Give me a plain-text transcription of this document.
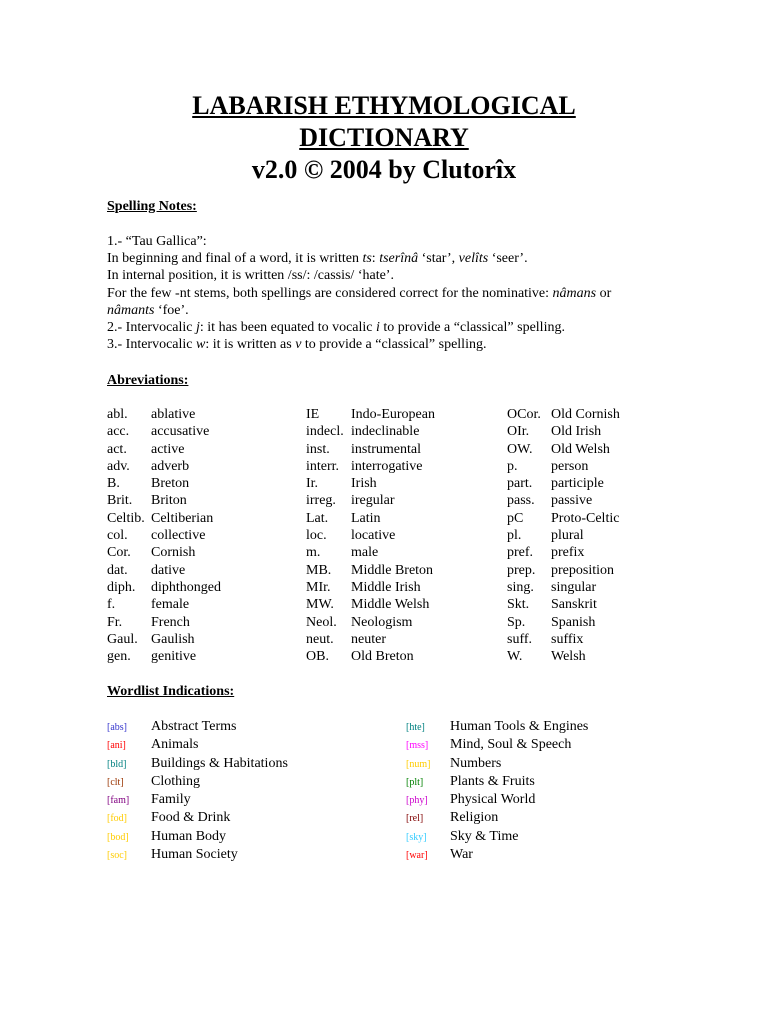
LABARISH ETHYMOLOGICAL
DICTIONARY
v2.0 © 2004 by Clutorîx
Spelling Notes:

1.- “Tau Gallica”:

In beginning and final of a word, it is written ts: tserînâ ‘star’, velîts ‘seer’.

In internal position, it is written /ss/: /cassis/ ‘hate’.

For the few -nt stems, both spellings are considered correct for the nominative: nâmans or

nâmants ‘foe’.

2.- Intervocalic j: it has been equated to vocalic i to provide a “classical” spelling.

3.- Intervocalic w: it is written as v to provide a “classical” spelling.

Abreviations:
abl.	ablative
acc.	accusative
act.	active
adv.	adverb
B.	Breton
Brit.	Briton
Celtib. Celtiberian
col.	collective
Cor.	Cornish
dat.	dative
diph.	diphthonged
f.	female
Fr.	French
Gaul. Gaulish
gen.	genitive
IE	Indo-European
indecl. indeclinable
inst.	instrumental
interr. interrogative
Ir.	Irish
irreg.	iregular
Lat.	Latin
loc.	locative
m.	male
MB.	Middle Breton
MIr.	Middle Irish
MW.	Middle Welsh
Neol.	Neologism
neut.	neuter
OB.	Old Breton
OCor. Old Cornish
OIr.	Old Irish
OW.	Old Welsh
p.	person
part.	participle
pass.	passive
pC	Proto-Celtic
pl.	plural
pref.	prefix
prep.	preposition
sing.	singular
Skt.	Sanskrit
Sp.	Spanish
suff.	suffix
W.	Welsh
Wordlist Indications:
[abs]	Abstract Terms
[ani]	Animals
[bld]	Buildings & Habitations
[clt]	Clothing
[fam]	Family
[fod]	Food & Drink
[bod]	Human Body
[soc]	Human Society
[hte]	Human Tools & Engines
[mss]	Mind, Soul & Speech
[num]	Numbers
[plt]	Plants & Fruits
[phy]	Physical World
[rel]	Religion
[sky]	Sky & Time
[war]	War
